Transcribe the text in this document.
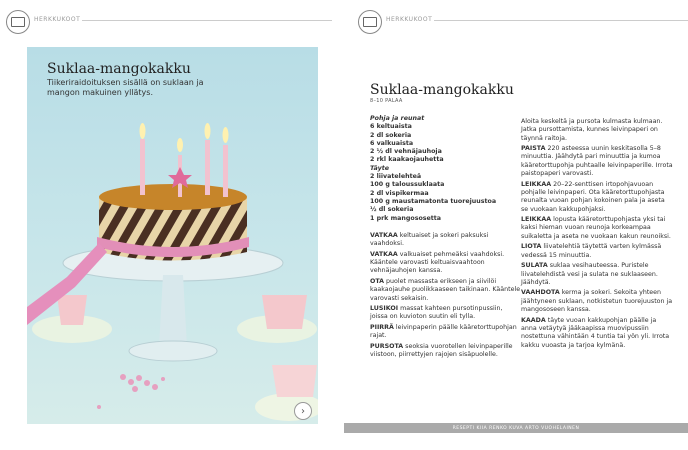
HERKKUKOOT
Suklaa-mangokakku
Tiikeriraidoituksen sisällä on suklaan ja mangon makuinen yllätys.
›
HERKKUKOOT
Suklaa-mangokakku
8–10 PALAA

Pohja ja reunat

6 keltuaista

2 dl sokeria

6 valkuaista

2 ½ dl vehnäjauhoja

2 rkl kaakaojauhetta

Täyte

2 liivatelehteä

100 g taloussuklaata

2 dl vispikermaa

100 g maustamatonta tuorejuustoa

½ dl sokeria

1 prk mangososetta

VATKAA keltuaiset ja sokeri paksuksi vaahdoksi.

VATKAA valkuaiset pehmeäksi vaahdoksi. Kääntele varovasti keltuaisvaahtoon vehnäjauhojen kanssa.

OTA puolet massasta erikseen ja siivilöi kaakaojauhe puolikkaaseen taikinaan. Kääntele varovasti sekaisin.

LUSIKOI massat kahteen pursotinpussiin, joissa on kuvioton suutin eli tylla.

PIIRRÄ leivinpaperin päälle kääretorttupohjan rajat.

PURSOTA seoksia vuorotellen leivinpaperille viistoon, piirrettyjen rajojen sisäpuolelle.

Aloita keskeltä ja pursota kulmasta kulmaan. Jatka pursottamista, kunnes leivinpaperi on täynnä raitoja.

PAISTA 220 asteessa uunin keskitasolla 5–8 minuuttia. Jäähdytä pari minuuttia ja kumoa kääretorttupohja puhtaalle leivinpaperille. Irrota paistopaperi varovasti.

LEIKKAA 20–22-senttisen irtopohjavuoan pohjalle leivinpaperi. Ota kääretorttupohjasta reunalta vuoan pohjan kokoinen pala ja aseta se vuokaan kakkupohjaksi.

LEIKKAA lopusta kääretorttupohjasta yksi tai kaksi hieman vuoan reunoja korkeampaa suikaletta ja aseta ne vuokaan kakun reunoiksi.

LIOTA liivatelehtiä täytettä varten kylmässä vedessä 15 minuuttia.

SULATA suklaa vesihauteessa. Puristele liivatelehdistä vesi ja sulata ne suklaaseen. Jäähdytä.

VAAHDOTA kerma ja sokeri. Sekoita yhteen jäähtyneen suklaan, notkistetun tuorejuuston ja mangososeen kanssa.

KAADA täyte vuoan kakkupohjan päälle ja anna vetäytyä jääkaapissa muovipussiin nostettuna vähintään 4 tuntia tai yön yli. Irrota kakku vuoasta ja tarjoa kylmänä.

RESEPTI KIIA RENKO KUVA ARTO VUOHELAINEN
